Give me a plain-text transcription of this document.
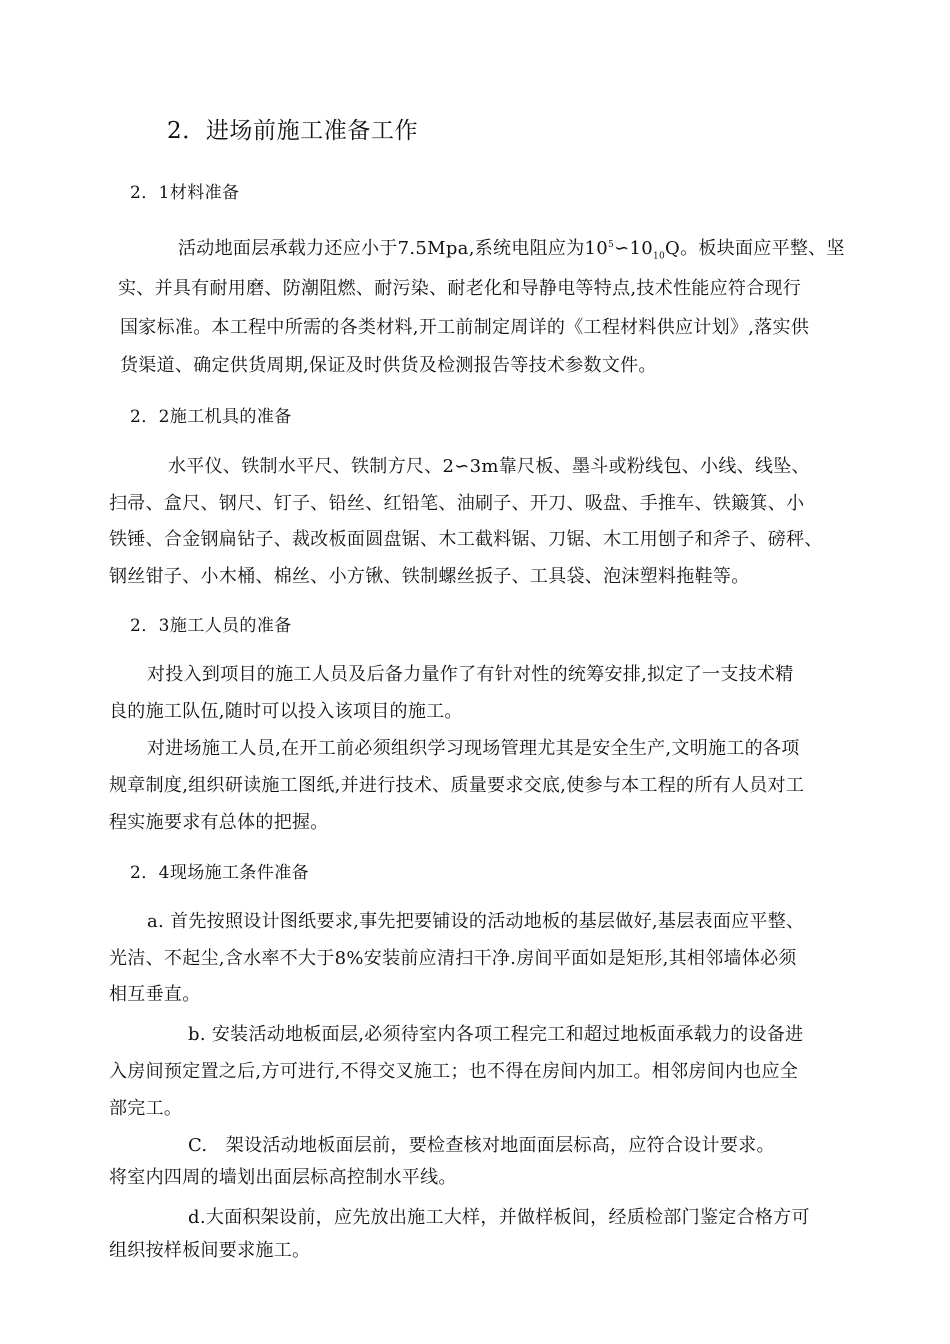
2．进场前施工准备工作
2．1材料准备
活动地面层承载力还应小于7.5Mpa,系统电阻应为$10^5∽10_{10}Q$。板块面应平整、坚
实、并具有耐用磨、防潮阻燃、耐污染、耐老化和导静电等特点,技术性能应符合现行
国家标准。本工程中所需的各类材料,开工前制定周详的《工程材料供应计划》,落实供
货渠道、确定供货周期,保证及时供货及检测报告等技术参数文件。
2．2施工机具的准备
水平仪、铁制水平尺、铁制方尺、2∽3m靠尺板、墨斗或粉线包、小线、线坠、
扫帚、盒尺、钢尺、钉子、铅丝、红铅笔、油刷子、开刀、吸盘、手推车、铁簸箕、小
铁锤、合金钢扁钻子、裁改板面圆盘锯、木工截料锯、刀锯、木工用刨子和斧子、磅秤、
钢丝钳子、小木桶、棉丝、小方锹、铁制螺丝扳子、工具袋、泡沫塑料拖鞋等。
2．3施工人员的准备
对投入到项目的施工人员及后备力量作了有针对性的统筹安排,拟定了一支技术精
良的施工队伍,随时可以投入该项目的施工。
对进场施工人员,在开工前必须组织学习现场管理尤其是安全生产,文明施工的各项
规章制度,组织研读施工图纸,并进行技术、质量要求交底,使参与本工程的所有人员对工
程实施要求有总体的把握。
2．4现场施工条件准备
a. 首先按照设计图纸要求,事先把要铺设的活动地板的基层做好,基层表面应平整、
光洁、不起尘,含水率不大于8%安装前应清扫干净.房间平面如是矩形,其相邻墙体必须
相互垂直。
b. 安装活动地板面层,必须待室内各项工程完工和超过地板面承载力的设备进
入房间预定置之后,方可进行,不得交叉施工；也不得在房间内加工。相邻房间内也应全
部完工。
C.　架设活动地板面层前，要检查核对地面面层标高，应符合设计要求。
将室内四周的墙划出面层标高控制水平线。
d.大面积架设前，应先放出施工大样，并做样板间，经质检部门鉴定合格方可
组织按样板间要求施工。
